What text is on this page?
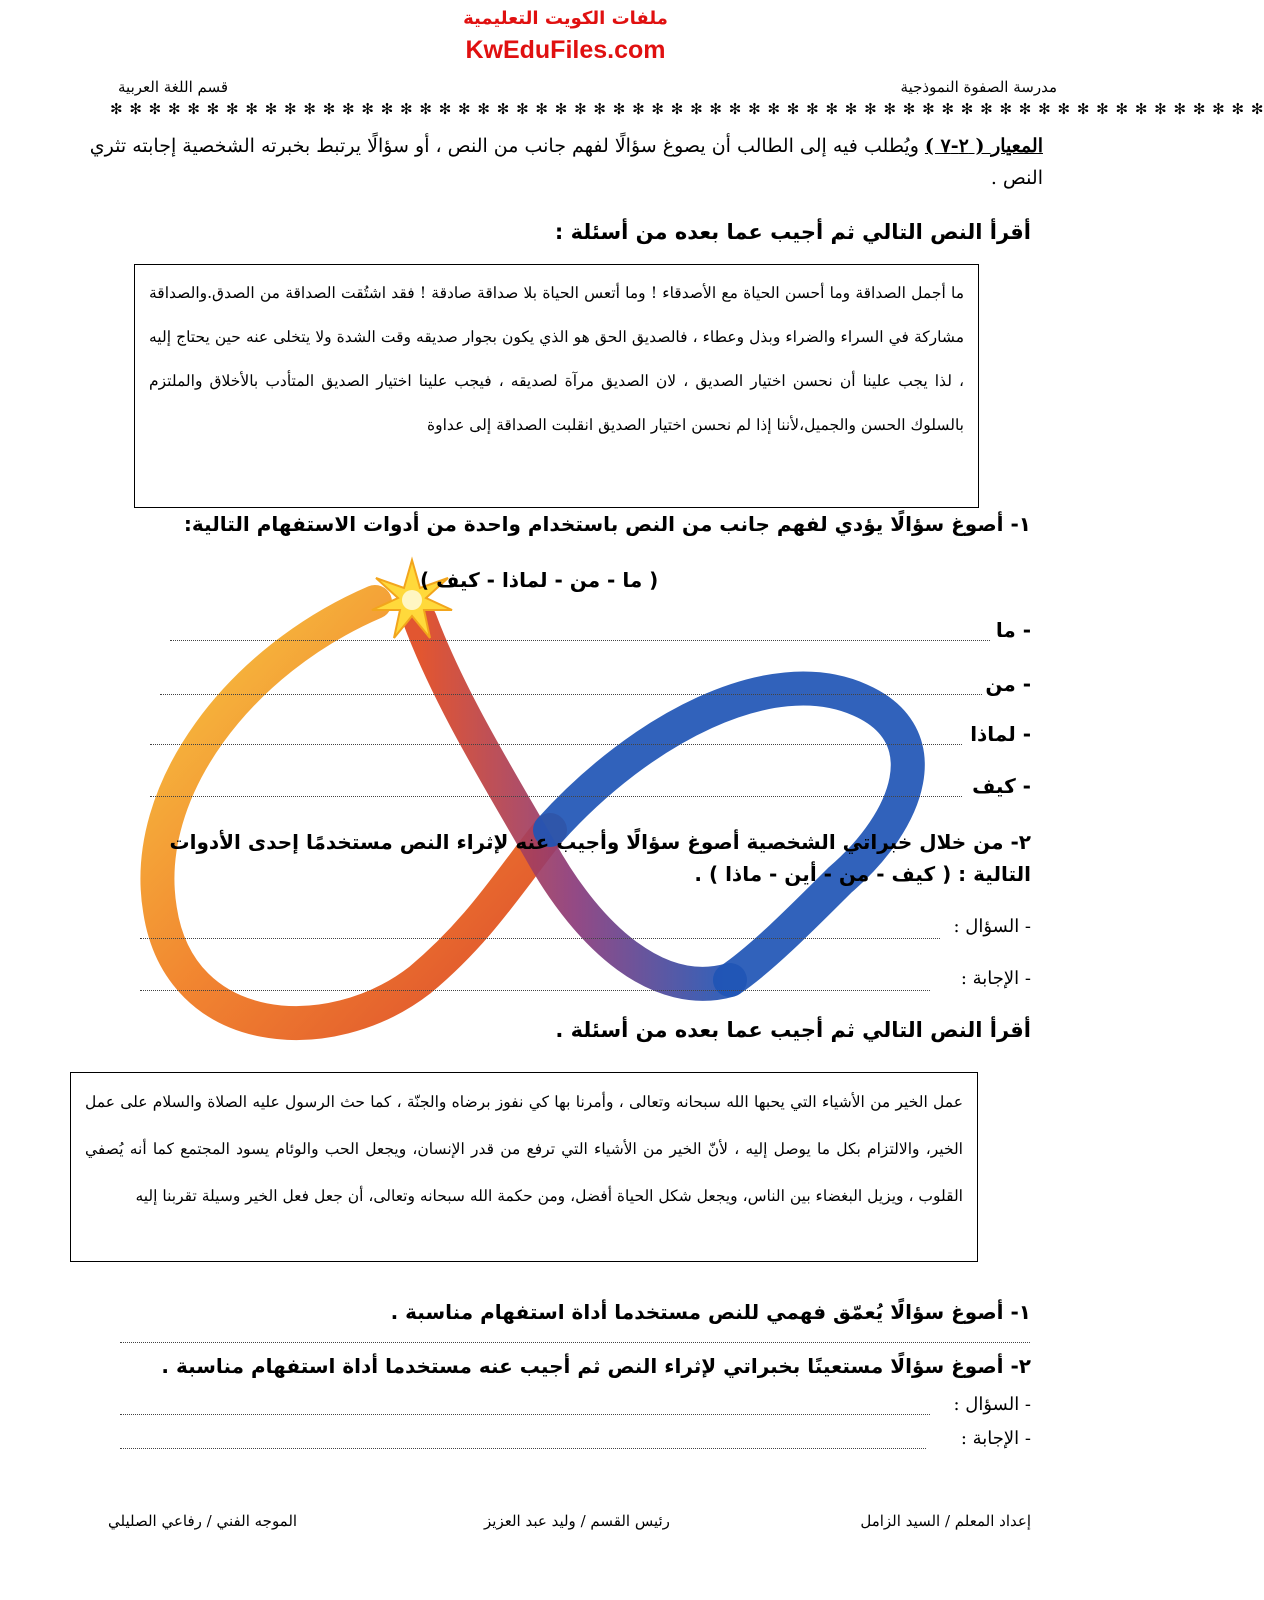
ملفات الكويت التعليمية
KwEduFiles.com
مدرسة الصفوة النموذجية
قسم اللغة العربية
✻ ✻ ✻ ✻ ✻ ✻ ✻ ✻ ✻ ✻ ✻ ✻ ✻ ✻ ✻ ✻ ✻ ✻ ✻ ✻ ✻ ✻ ✻ ✻ ✻ ✻ ✻ ✻ ✻ ✻ ✻ ✻ ✻ ✻ ✻ ✻ ✻ ✻ ✻ ✻ ✻ ✻ ✻ ✻ ✻ ✻ ✻ ✻ ✻ ✻ ✻ ✻ ✻ ✻ ✻ ✻ ✻ ✻ ✻ ✻
المعيار ( ٢-٧ ) ويُطلب فيه إلى الطالب أن يصوغ سؤالًا لفهم جانب من النص ، أو سؤالًا يرتبط بخبرته الشخصية إجابته تثري النص .
أقرأ النص التالي ثم أجيب عما بعده من أسئلة :
ما أجمل الصداقة وما أحسن الحياة مع الأصدقاء ! وما أتعس الحياة بلا صداقة صادقة ! فقد اشتُقت الصداقة من الصدق.والصداقة مشاركة في السراء والضراء وبذل وعطاء ، فالصديق الحق هو الذي يكون بجوار صديقه وقت الشدة ولا يتخلى عنه حين يحتاج إليه ، لذا يجب علينا أن نحسن اختيار الصديق ، لان الصديق مرآة لصديقه ، فيجب علينا اختيار الصديق المتأدب بالأخلاق والملتزم بالسلوك الحسن والجميل،لأننا إذا لم نحسن اختيار الصديق انقلبت الصداقة إلى عداوة
١- أصوغ سؤالًا يؤدي لفهم جانب من النص باستخدام واحدة من أدوات الاستفهام التالية:
( ما - من - لماذا - كيف )
- ما
- من
- لماذا
- كيف
٢- من خلال خبراتي الشخصية أصوغ سؤالًا وأجيب عنه لإثراء النص مستخدمًا إحدى الأدوات التالية : ( كيف - من - أين - ماذا ) .
- السؤال :
- الإجابة :
أقرأ النص التالي ثم أجيب عما بعده من أسئلة .
عمل الخير من الأشياء التي يحبها الله سبحانه وتعالى ، وأمرنا بها كي نفوز برضاه والجنّة ، كما حث الرسول عليه الصلاة والسلام على عمل الخير، والالتزام بكل ما يوصل إليه ، لأنّ الخير من الأشياء التي ترفع من قدر الإنسان، ويجعل الحب والوئام يسود المجتمع كما أنه يُصفي القلوب ، ويزيل البغضاء بين الناس، ويجعل شكل الحياة أفضل، ومن حكمة الله سبحانه وتعالى، أن جعل فعل الخير وسيلة تقربنا إليه
١- أصوغ سؤالًا يُعمّق فهمي للنص مستخدما أداة استفهام مناسبة .
٢- أصوغ سؤالًا مستعينًا بخبراتي لإثراء النص ثم أجيب عنه مستخدما أداة استفهام مناسبة .
- السؤال :
- الإجابة :
إعداد المعلم / السيد الزامل
رئيس القسم / وليد عبد العزيز
الموجه الفني / رفاعي الصليلي
